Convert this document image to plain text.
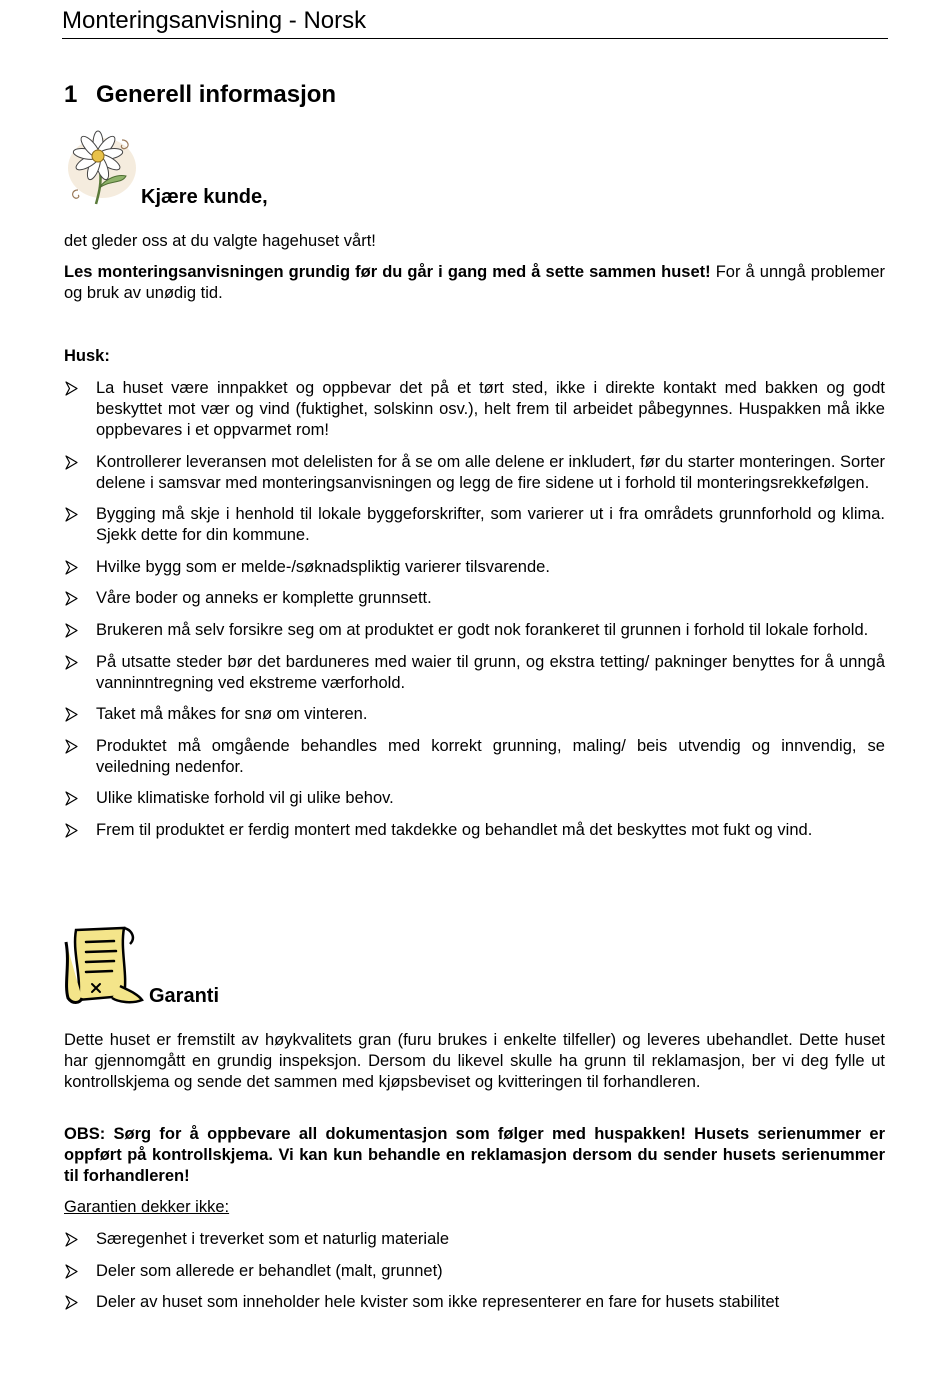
Monteringsanvisning - Norsk
1 Generell informasjon
Kjære kunde,
det gleder oss at du valgte hagehuset vårt!
Les monteringsanvisningen grundig før du går i gang med å sette sammen huset! For å unngå problemer og bruk av unødig tid.
Husk:
La huset være innpakket og oppbevar det på et tørt sted, ikke i direkte kontakt med bakken og godt beskyttet mot vær og vind (fuktighet, solskinn osv.), helt frem til arbeidet påbegynnes. Huspakken må ikke oppbevares i et oppvarmet rom!
Kontrollerer leveransen mot delelisten for å se om alle delene er inkludert, før du starter monteringen. Sorter delene i samsvar med monteringsanvisningen og legg de fire sidene ut i forhold til monteringsrekkefølgen.
Bygging må skje i henhold til lokale byggeforskrifter, som varierer ut i fra områdets grunnforhold og klima. Sjekk dette for din kommune.
Hvilke bygg som er melde-/søknadspliktig varierer tilsvarende.
Våre boder og anneks er komplette grunnsett.
Brukeren må selv forsikre seg om at produktet er godt nok forankeret til grunnen i forhold til lokale forhold.
På utsatte steder bør det barduneres med waier til grunn, og ekstra tetting/ pakninger benyttes for å unngå vanninntregning ved ekstreme værforhold.
Taket må måkes for snø om vinteren.
Produktet må omgående behandles med korrekt grunning, maling/ beis utvendig og innvendig, se veiledning nedenfor.
Ulike klimatiske forhold vil gi ulike behov.
Frem til produktet er ferdig montert med takdekke og behandlet må det beskyttes mot fukt og vind.
Garanti
Dette huset er fremstilt av høykvalitets gran (furu brukes i enkelte tilfeller) og leveres ubehandlet. Dette huset har gjennomgått en grundig inspeksjon. Dersom du likevel skulle ha grunn til reklamasjon, ber vi deg fylle ut kontrollskjema og sende det sammen med kjøpsbeviset og kvitteringen til forhandleren.
OBS: Sørg for å oppbevare all dokumentasjon som følger med huspakken! Husets serienummer er oppført på kontrollskjema. Vi kan kun behandle en reklamasjon dersom du sender husets serienummer til forhandleren!
Garantien dekker ikke:
Særegenhet i treverket som et naturlig materiale
Deler som allerede er behandlet (malt, grunnet)
Deler av huset som inneholder hele kvister som ikke representerer en fare for husets stabilitet
